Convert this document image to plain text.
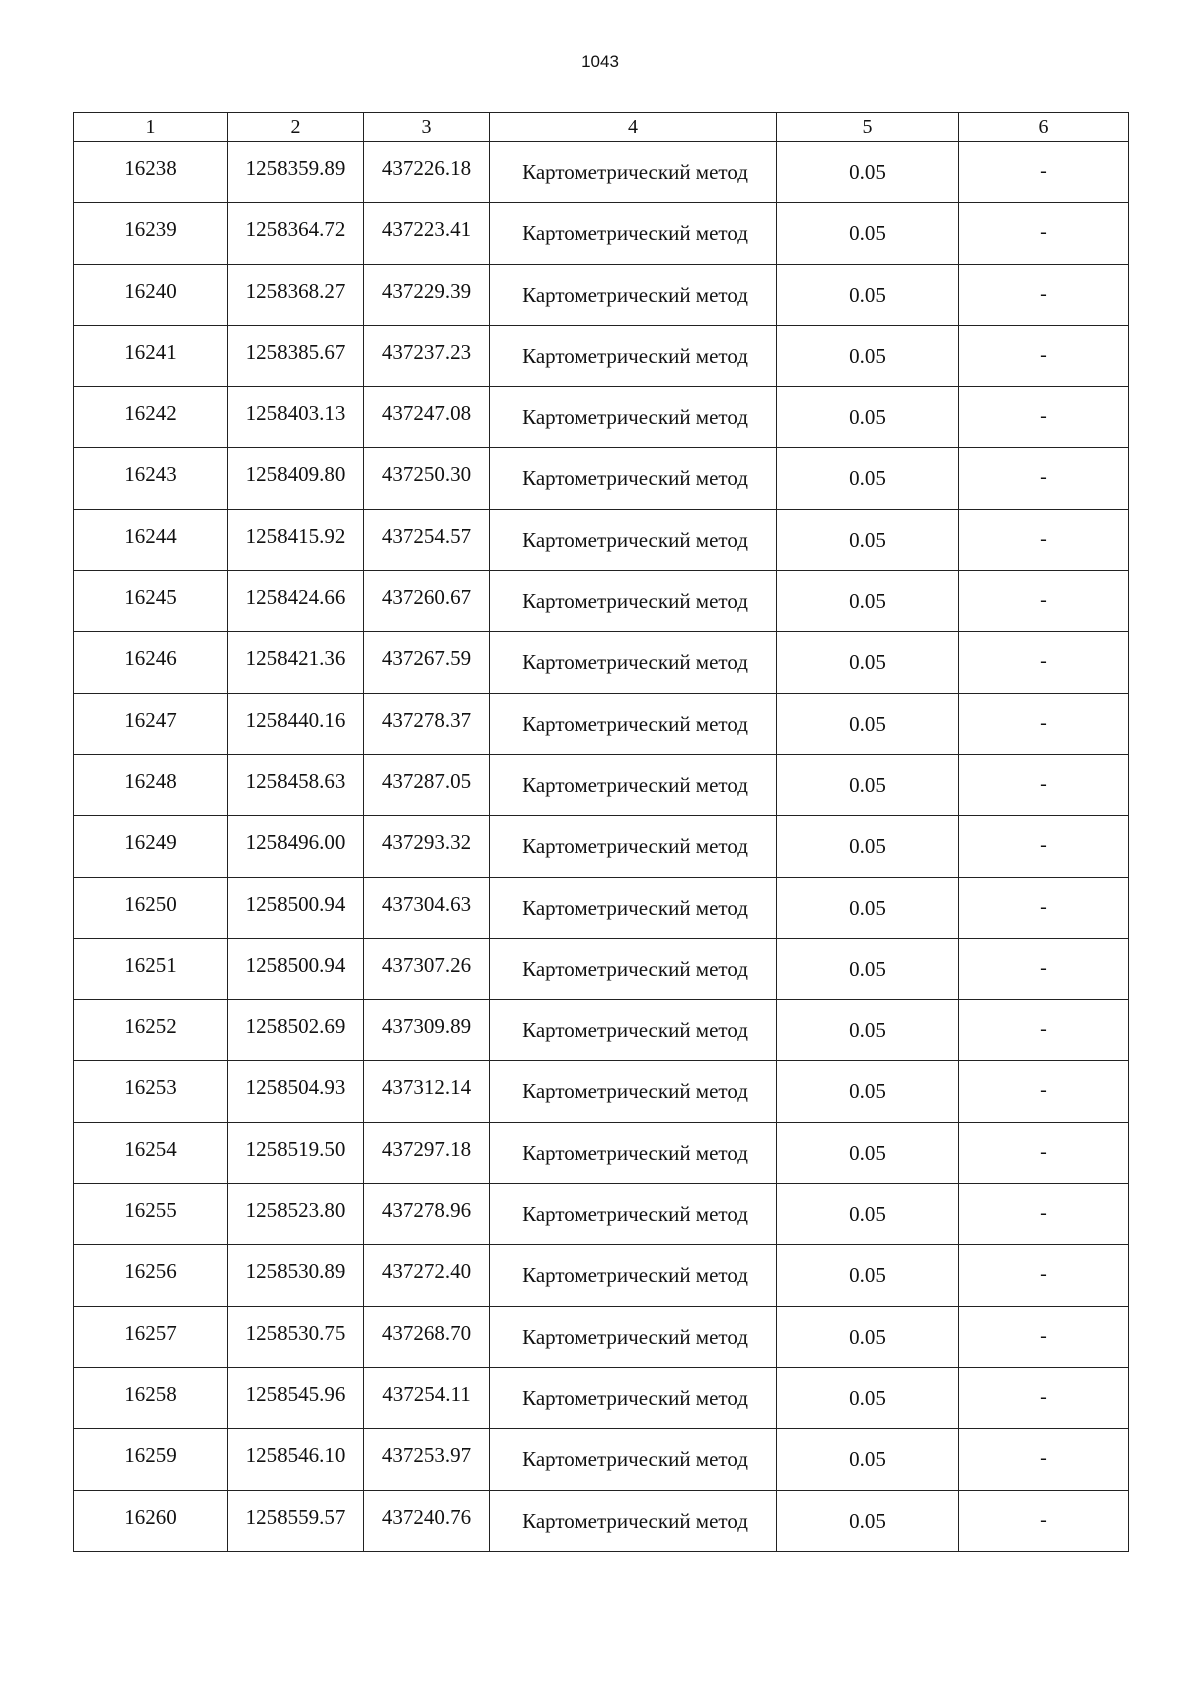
1043
1	2	3	4	5	6
16238	1258359.89	437226.18	Картометрический метод	0.05	-
16239	1258364.72	437223.41	Картометрический метод	0.05	-
16240	1258368.27	437229.39	Картометрический метод	0.05	-
16241	1258385.67	437237.23	Картометрический метод	0.05	-
16242	1258403.13	437247.08	Картометрический метод	0.05	-
16243	1258409.80	437250.30	Картометрический метод	0.05	-
16244	1258415.92	437254.57	Картометрический метод	0.05	-
16245	1258424.66	437260.67	Картометрический метод	0.05	-
16246	1258421.36	437267.59	Картометрический метод	0.05	-
16247	1258440.16	437278.37	Картометрический метод	0.05	-
16248	1258458.63	437287.05	Картометрический метод	0.05	-
16249	1258496.00	437293.32	Картометрический метод	0.05	-
16250	1258500.94	437304.63	Картометрический метод	0.05	-
16251	1258500.94	437307.26	Картометрический метод	0.05	-
16252	1258502.69	437309.89	Картометрический метод	0.05	-
16253	1258504.93	437312.14	Картометрический метод	0.05	-
16254	1258519.50	437297.18	Картометрический метод	0.05	-
16255	1258523.80	437278.96	Картометрический метод	0.05	-
16256	1258530.89	437272.40	Картометрический метод	0.05	-
16257	1258530.75	437268.70	Картометрический метод	0.05	-
16258	1258545.96	437254.11	Картометрический метод	0.05	-
16259	1258546.10	437253.97	Картометрический метод	0.05	-
16260	1258559.57	437240.76	Картометрический метод	0.05	-
